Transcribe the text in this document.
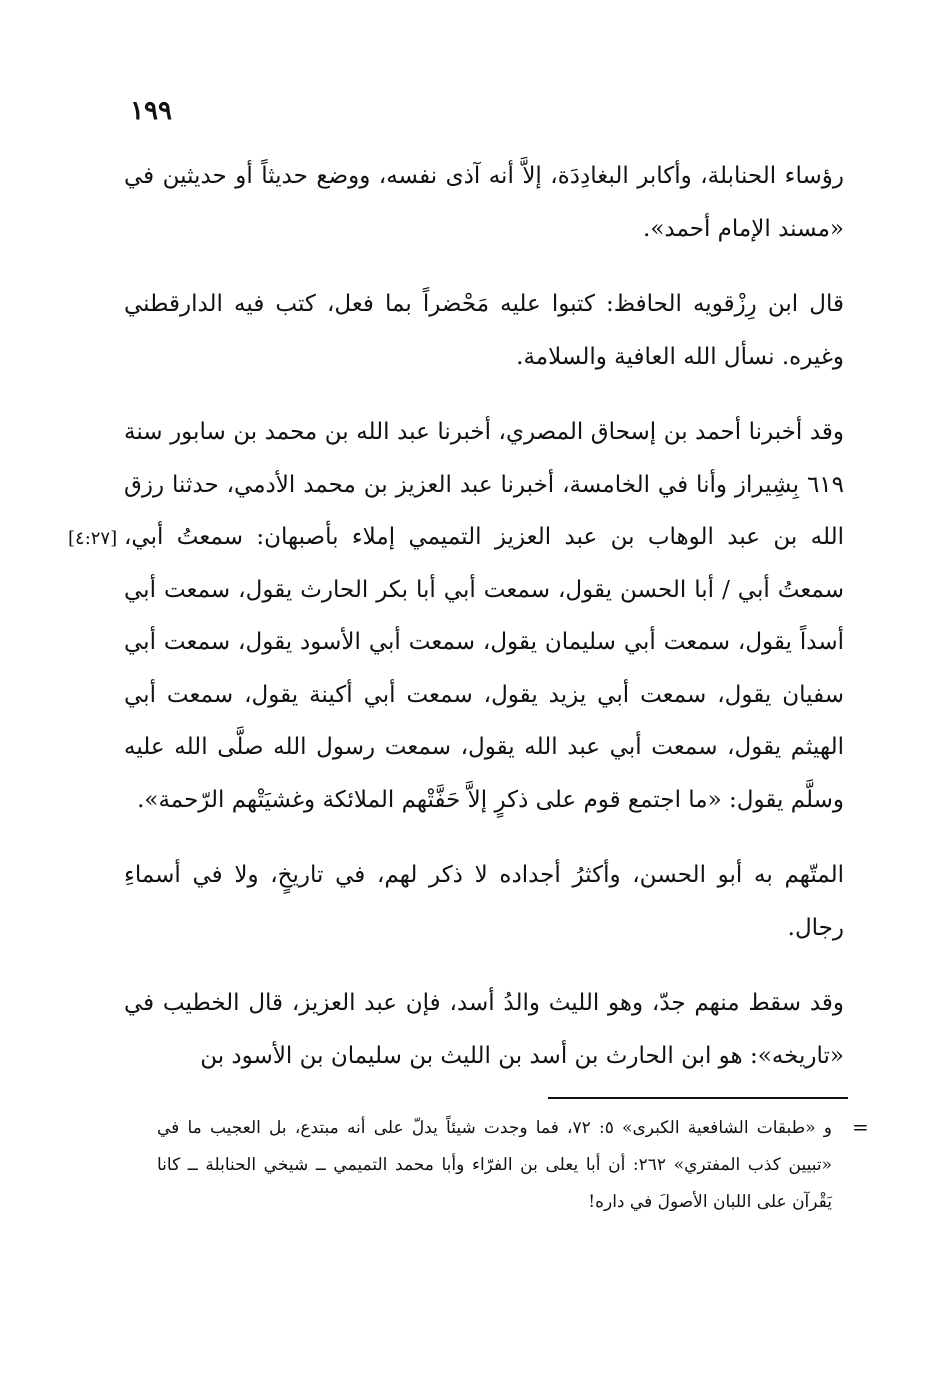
١٩٩
[٤:٢٧]

رؤساء الحنابلة، وأكابر البغادِدَة، إلاَّ أنه آذى نفسه، ووضع حديثاً أو حديثين في «مسند الإمام أحمد».

قال ابن رِزْقويه الحافظ: كتبوا عليه مَحْضراً بما فعل، كتب فيه الدارقطني وغيره. نسأل الله العافية والسلامة.

وقد أخبرنا أحمد بن إسحاق المصري، أخبرنا عبد الله بن محمد بن سابور سنة ٦١٩ بِشِيراز وأنا في الخامسة، أخبرنا عبد العزيز بن محمد الأدمي، حدثنا رزق الله بن عبد الوهاب بن عبد العزيز التميمي إملاء بأصبهان: سمعتُ أبي، سمعتُ أبي / أبا الحسن يقول، سمعت أبي أبا بكر الحارث يقول، سمعت أبي أسداً يقول، سمعت أبي سليمان يقول، سمعت أبي الأسود يقول، سمعت أبي سفيان يقول، سمعت أبي يزيد يقول، سمعت أبي أكينة يقول، سمعت أبي الهيثم يقول، سمعت أبي عبد الله يقول، سمعت رسول الله صلَّى الله عليه وسلَّم يقول: «ما اجتمع قوم على ذكرٍ إلاَّ حَفَّتْهم الملائكة وغشيَتْهم الرّحمة».

المتّهم به أبو الحسن، وأكثرُ أجداده لا ذكر لهم، في تاريخٍ، ولا في أسماءِ رجال.

وقد سقط منهم جدّ، وهو الليث والدُ أسد، فإن عبد العزيز، قال الخطيب في «تاريخه»: هو ابن الحارث بن أسد بن الليث بن سليمان بن الأسود بن

=

و «طبقات الشافعية الكبرى» ٥: ٧٢، فما وجدت شيئاً يدلّ على أنه مبتدع، بل العجيب ما في «تبيين كذب المفتري» ٢٦٢: أن أبا يعلى بن الفرّاء وأبا محمد التميمي ــ شيخي الحنابلة ــ كانا يَقْرآن على اللبان الأصولَ في داره!
